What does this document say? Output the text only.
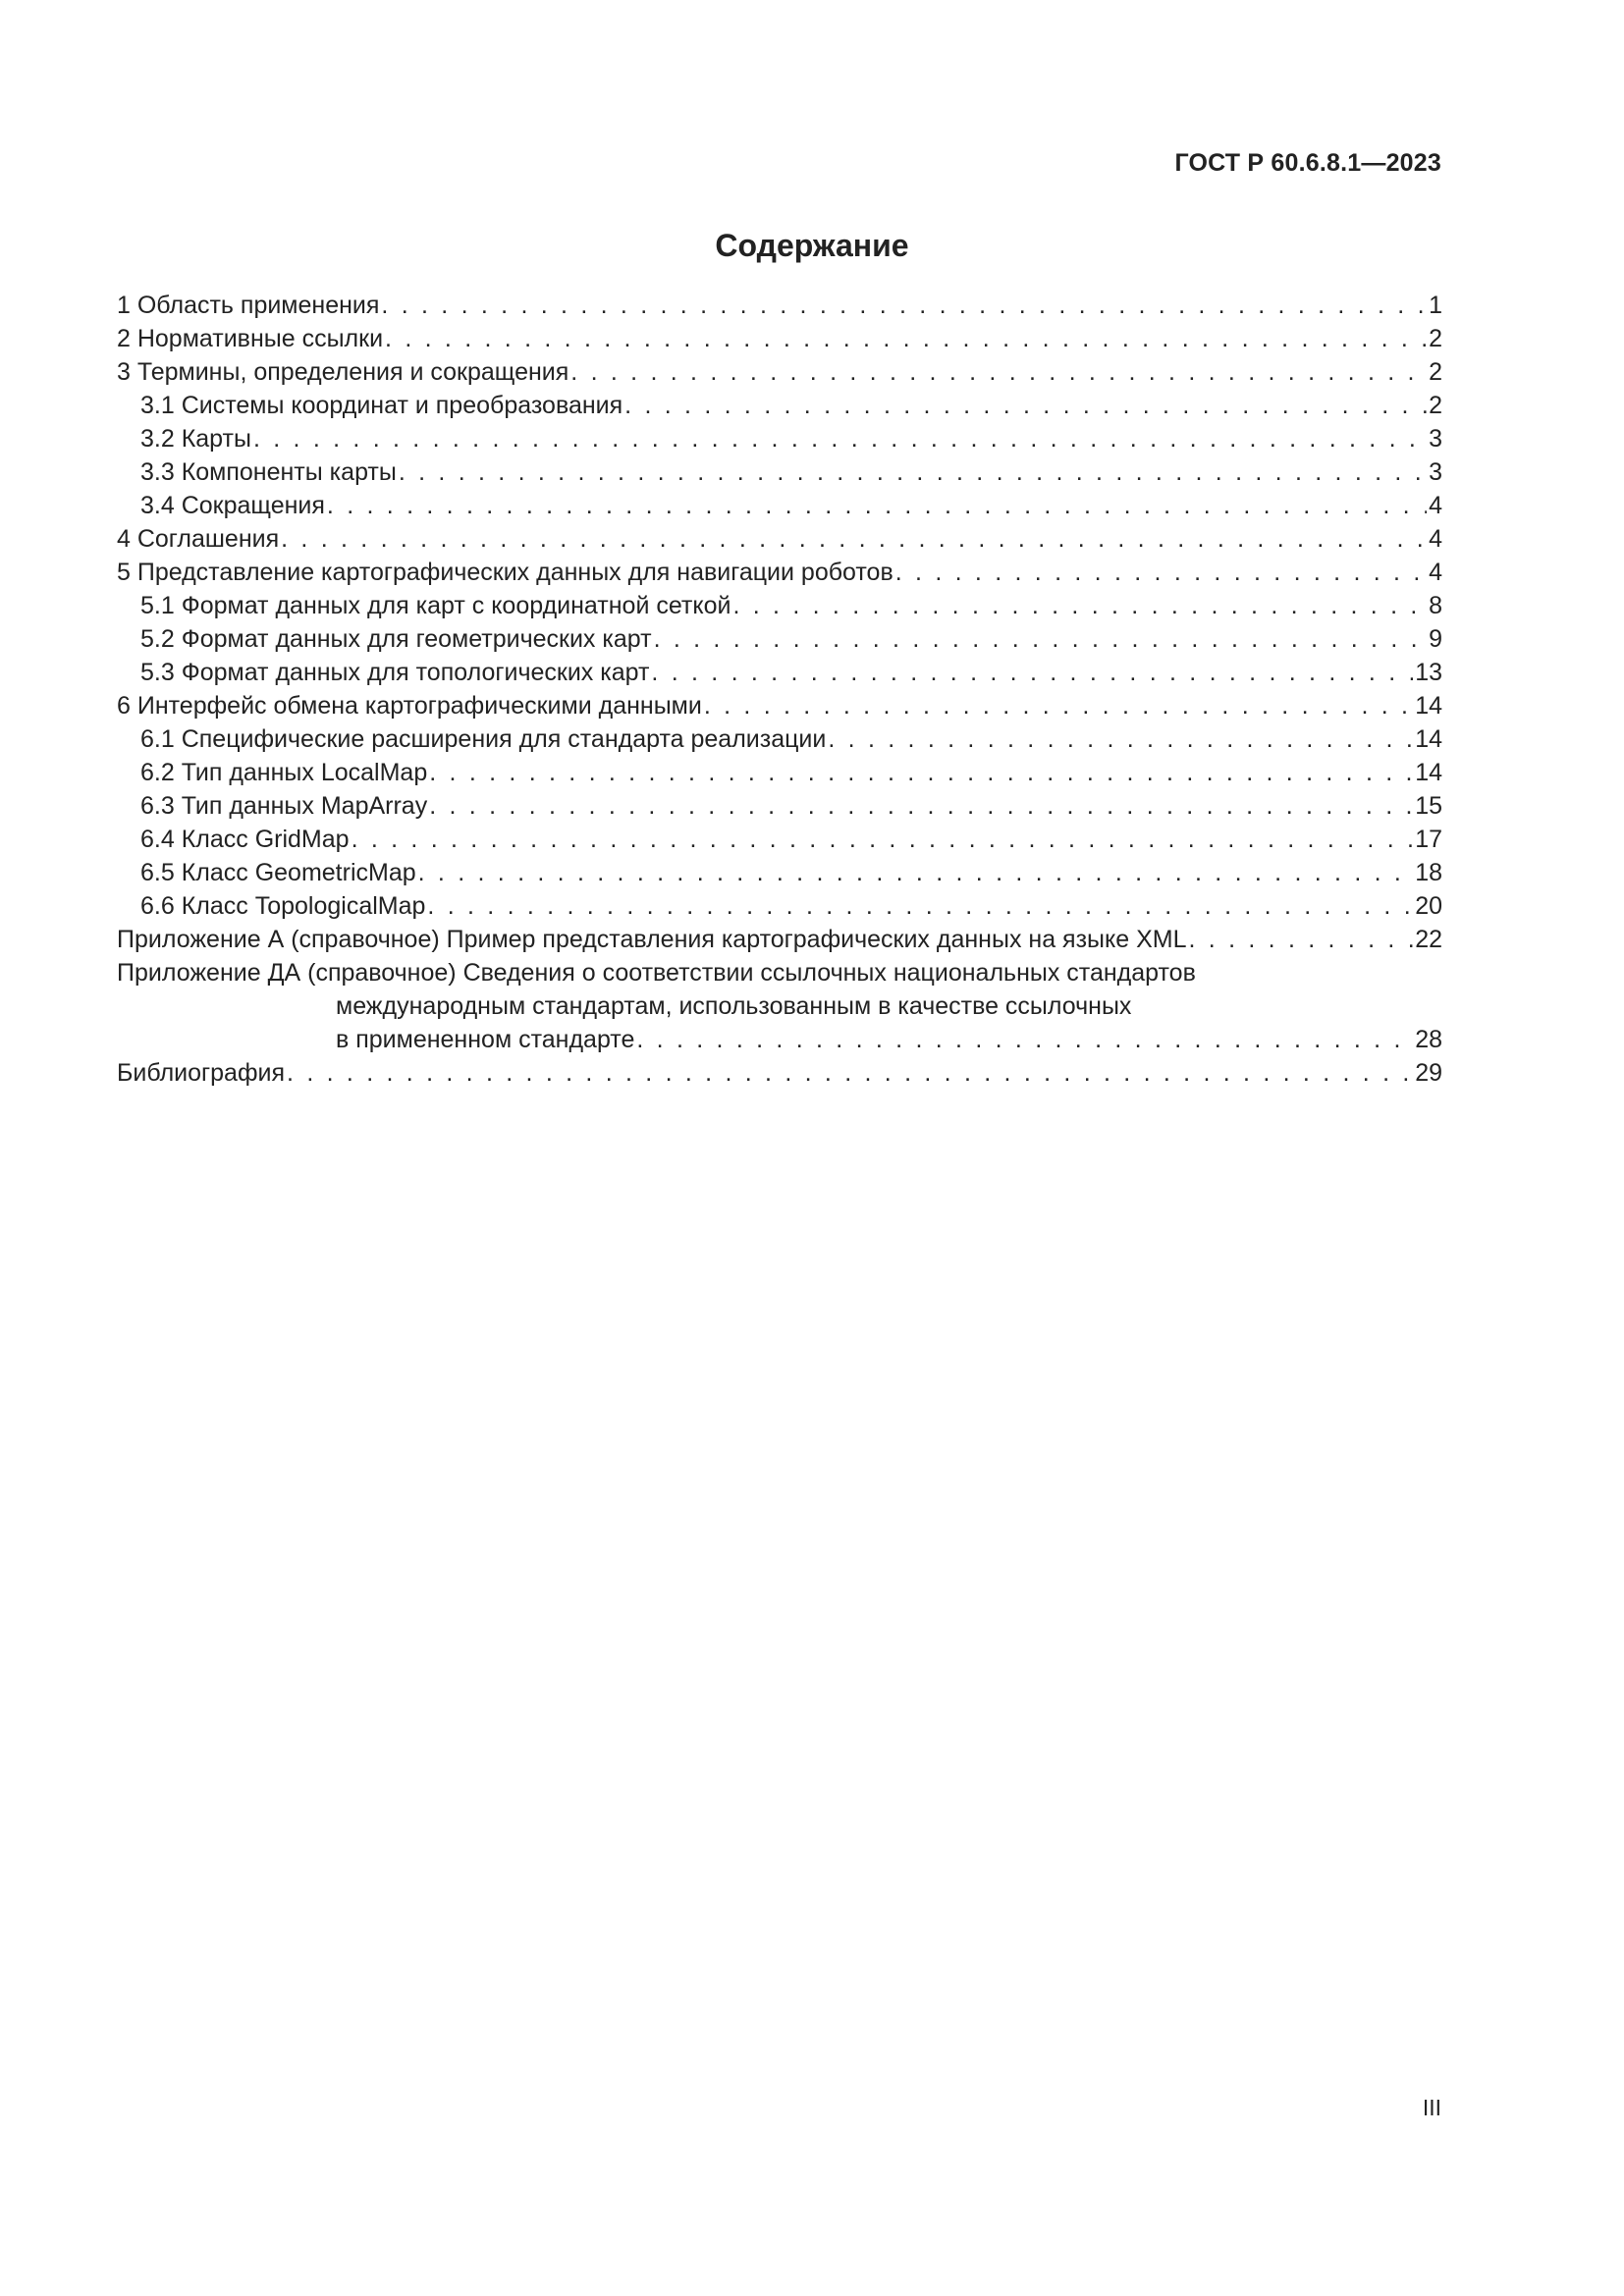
ГОСТ Р 60.6.8.1—2023
Содержание
1 Область применения . . .	1
2 Нормативные ссылки . . .	2
3 Термины, определения и сокращения . . .	2
3.1 Системы координат и преобразования . . .	2
3.2 Карты . . .	3
3.3 Компоненты карты . . .	3
3.4 Сокращения . . .	4
4 Соглашения . . .	4
5 Представление картографических данных для навигации роботов . . .	4
5.1 Формат данных для карт с координатной сеткой . . .	8
5.2 Формат данных для геометрических карт . . .	9
5.3 Формат данных для топологических карт . . .	13
6 Интерфейс обмена картографическими данными . . .	14
6.1 Специфические расширения для стандарта реализации . . .	14
6.2 Тип данных LocalMap . . .	14
6.3 Тип данных MapArray . . .	15
6.4 Класс GridMap . . .	17
6.5 Класс GeometricMap . . .	18
6.6 Класс TopologicalMap . . .	20
Приложение А (справочное) Пример представления картографических данных на языке XML . . .	22
Приложение ДА (справочное) Сведения о соответствии ссылочных национальных стандартов
международным стандартам, использованным в качестве ссылочных
в примененном стандарте . . .	28
Библиография . . .	29
III
